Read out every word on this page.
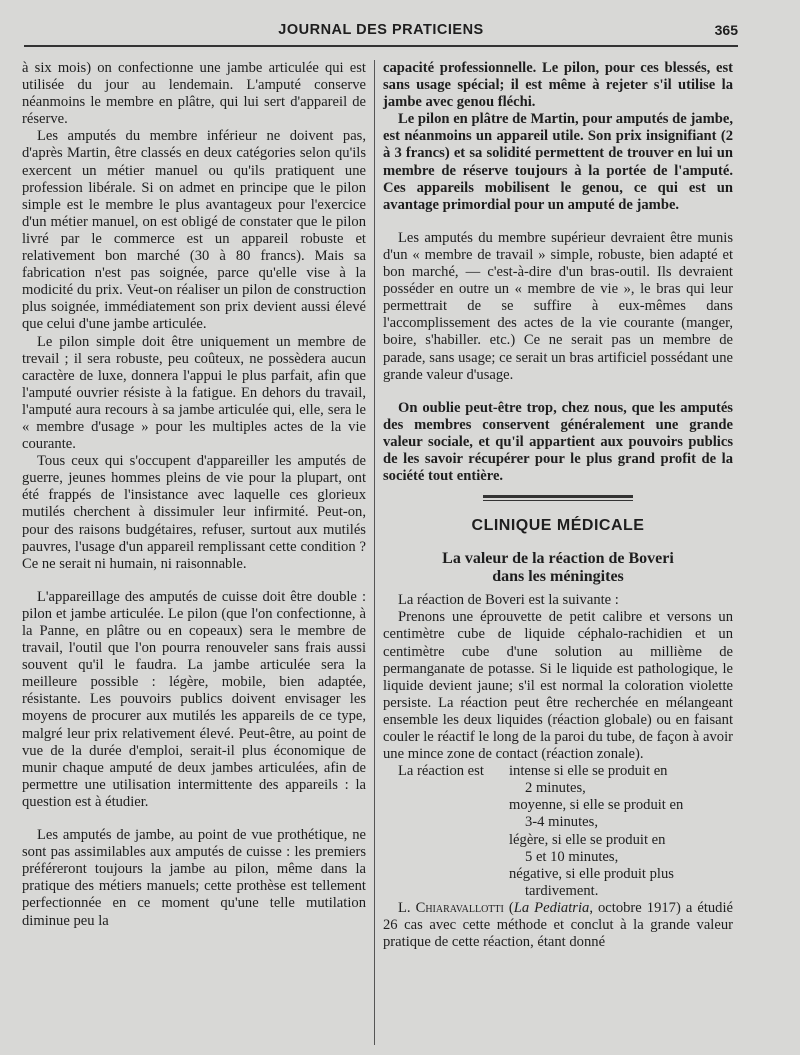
JOURNAL DES PRATICIENS	365

à six mois) on confectionne une jambe articulée qui est utilisée du jour au lendemain. L'amputé conserve néanmoins le membre en plâtre, qui lui sert d'appareil de réserve.

Les amputés du membre inférieur ne doivent pas, d'après Martin, être classés en deux catégories selon qu'ils exercent un métier manuel ou qu'ils pratiquent une profession libérale. Si on admet en principe que le pilon simple est le membre le plus avantageux pour l'exercice d'un métier manuel, on est obligé de constater que le pilon livré par le commerce est un appareil robuste et relativement bon marché (30 à 80 francs). Mais sa fabrication n'est pas soignée, parce qu'elle vise à la modicité du prix. Veut-on réaliser un pilon de construction plus soignée, immédiatement son prix devient aussi élevé que celui d'une jambe articulée.

Le pilon simple doit être uniquement un membre de trevail ; il sera robuste, peu coûteux, ne possèdera aucun caractère de luxe, donnera l'appui le plus parfait, afin que l'amputé ouvrier résiste à la fatigue. En dehors du travail, l'amputé aura recours à sa jambe articulée qui, elle, sera le « membre d'usage » pour les multiples actes de la vie courante.

Tous ceux qui s'occupent d'appareiller les amputés de guerre, jeunes hommes pleins de vie pour la plupart, ont été frappés de l'insistance avec laquelle ces glorieux mutilés cherchent à dissimuler leur infirmité. Peut-on, pour des raisons budgétaires, refuser, surtout aux mutilés pauvres, l'usage d'un appareil remplissant cette condition ? Ce ne serait ni humain, ni raisonnable.

L'appareillage des amputés de cuisse doit être double : pilon et jambe articulée. Le pilon (que l'on confectionne, à la Panne, en plâtre ou en copeaux) sera le membre de travail, l'outil que l'on pourra renouveler sans frais aussi souvent qu'il le faudra. La jambe articulée sera la meilleure possible : légère, mobile, bien adaptée, résistante. Les pouvoirs publics doivent envisager les moyens de procurer aux mutilés les appareils de ce type, malgré leur prix relativement élevé. Peut-être, au point de vue de la durée d'emploi, serait-il plus économique de munir chaque amputé de deux jambes articulées, afin de permettre une utilisation intermittente des appareils : la question est à étudier.

Les amputés de jambe, au point de vue prothétique, ne sont pas assimilables aux amputés de cuisse : les premiers préféreront toujours la jambe au pilon, même dans la pratique des métiers manuels; cette prothèse est tellement perfectionnée en ce moment qu'une telle mutilation diminue peu la

capacité professionnelle. Le pilon, pour ces blessés, est sans usage spécial; il est même à rejeter s'il utilise la jambe avec genou fléchi.

Le pilon en plâtre de Martin, pour amputés de jambe, est néanmoins un appareil utile. Son prix insignifiant (2 à 3 francs) et sa solidité permettent de trouver en lui un membre de réserve toujours à la portée de l'amputé. Ces appareils mobilisent le genou, ce qui est un avantage primordial pour un amputé de jambe.

Les amputés du membre supérieur devraient être munis d'un « membre de travail » simple, robuste, bien adapté et bon marché, — c'est-à-dire d'un bras-outil. Ils devraient posséder en outre un « membre de vie », le bras qui leur permettrait de se suffire à eux-mêmes dans l'accomplissement des actes de la vie courante (manger, boire, s'habiller. etc.) Ce ne serait pas un membre de parade, sans usage; ce serait un bras artificiel possédant une grande valeur d'usage.

On oublie peut-être trop, chez nous, que les amputés des membres conservent généralement une grande valeur sociale, et qu'il appartient aux pouvoirs publics de les savoir récupérer pour le plus grand profit de la société tout entière.

CLINIQUE MÉDICALE
La valeur de la réaction de Boveri
dans les méningites

La réaction de Boveri est la suivante :

Prenons une éprouvette de petit calibre et versons un centimètre cube de liquide céphalo-rachidien et un centimètre cube d'une solution au millième de permanganate de potasse. Si le liquide est pathologique, le liquide devient jaune; s'il est normal la coloration violette persiste. La réaction peut être recherchée en mélangeant ensemble les deux liquides (réaction globale) ou en faisant couler le réactif le long de la paroi du tube, de façon à avoir une mince zone de contact (réaction zonale).

La réaction est	intense si elle se produit en
2 minutes,
moyenne, si elle se produit en
3-4 minutes,
légère, si elle se produit en
5 et 10 minutes,
négative, si elle produit plus
tardivement.

L. Chiaravallotti (La Pediatria, octobre 1917) a étudié 26 cas avec cette méthode et conclut à la grande valeur pratique de cette réaction, étant donné
